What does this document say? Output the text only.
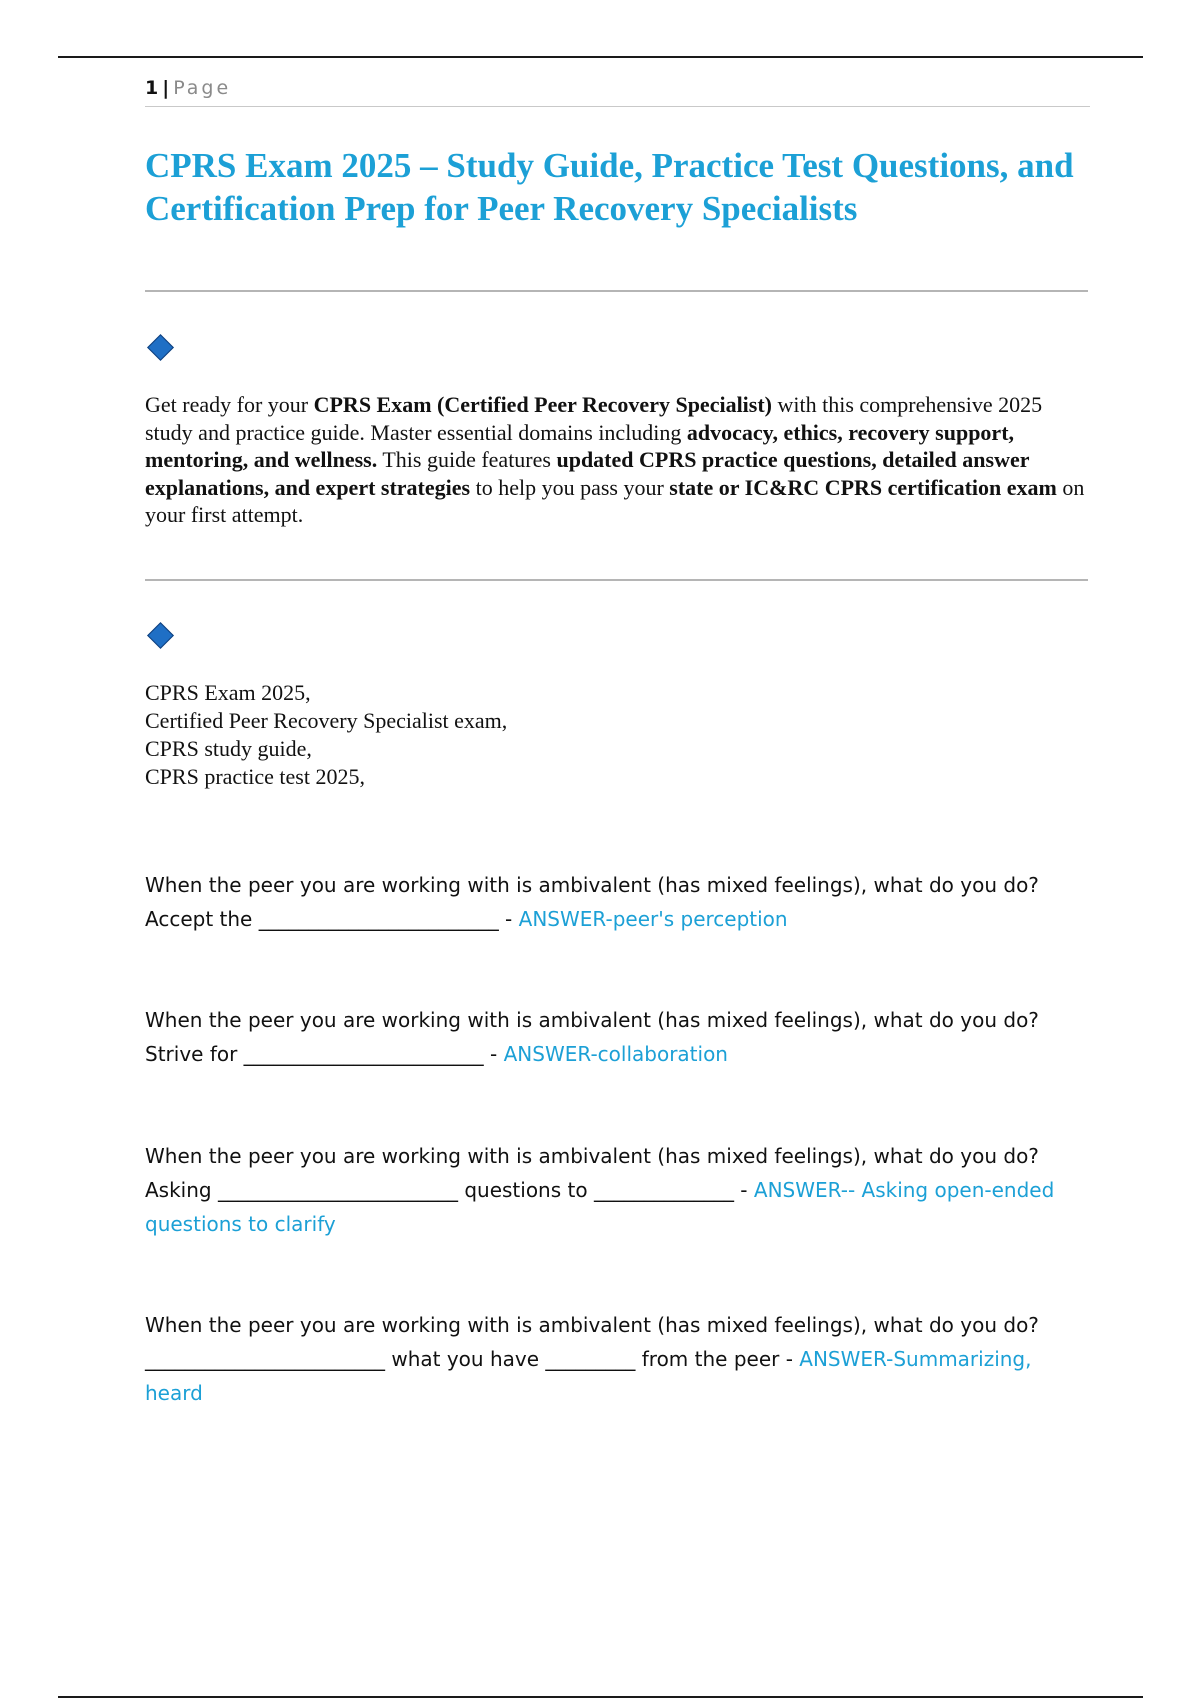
1 | Page
CPRS Exam 2025 – Study Guide, Practice Test Questions, and Certification Prep for Peer Recovery Specialists

Get ready for your CPRS Exam (Certified Peer Recovery Specialist) with this comprehensive 2025 study and practice guide. Master essential domains including advocacy, ethics, recovery support, mentoring, and wellness. This guide features updated CPRS practice questions, detailed answer explanations, and expert strategies to help you pass your state or IC&RC CPRS certification exam on your first attempt.

CPRS Exam 2025,
Certified Peer Recovery Specialist exam,
CPRS study guide,
CPRS practice test 2025,

When the peer you are working with is ambivalent (has mixed feelings), what do you do? Accept the ________________________ - ANSWER-peer's perception

When the peer you are working with is ambivalent (has mixed feelings), what do you do? Strive for ________________________ - ANSWER-collaboration

When the peer you are working with is ambivalent (has mixed feelings), what do you do? Asking ________________________ questions to ______________ - ANSWER-- Asking open-ended questions to clarify

When the peer you are working with is ambivalent (has mixed feelings), what do you do? ________________________ what you have _________ from the peer - ANSWER-Summarizing, heard
